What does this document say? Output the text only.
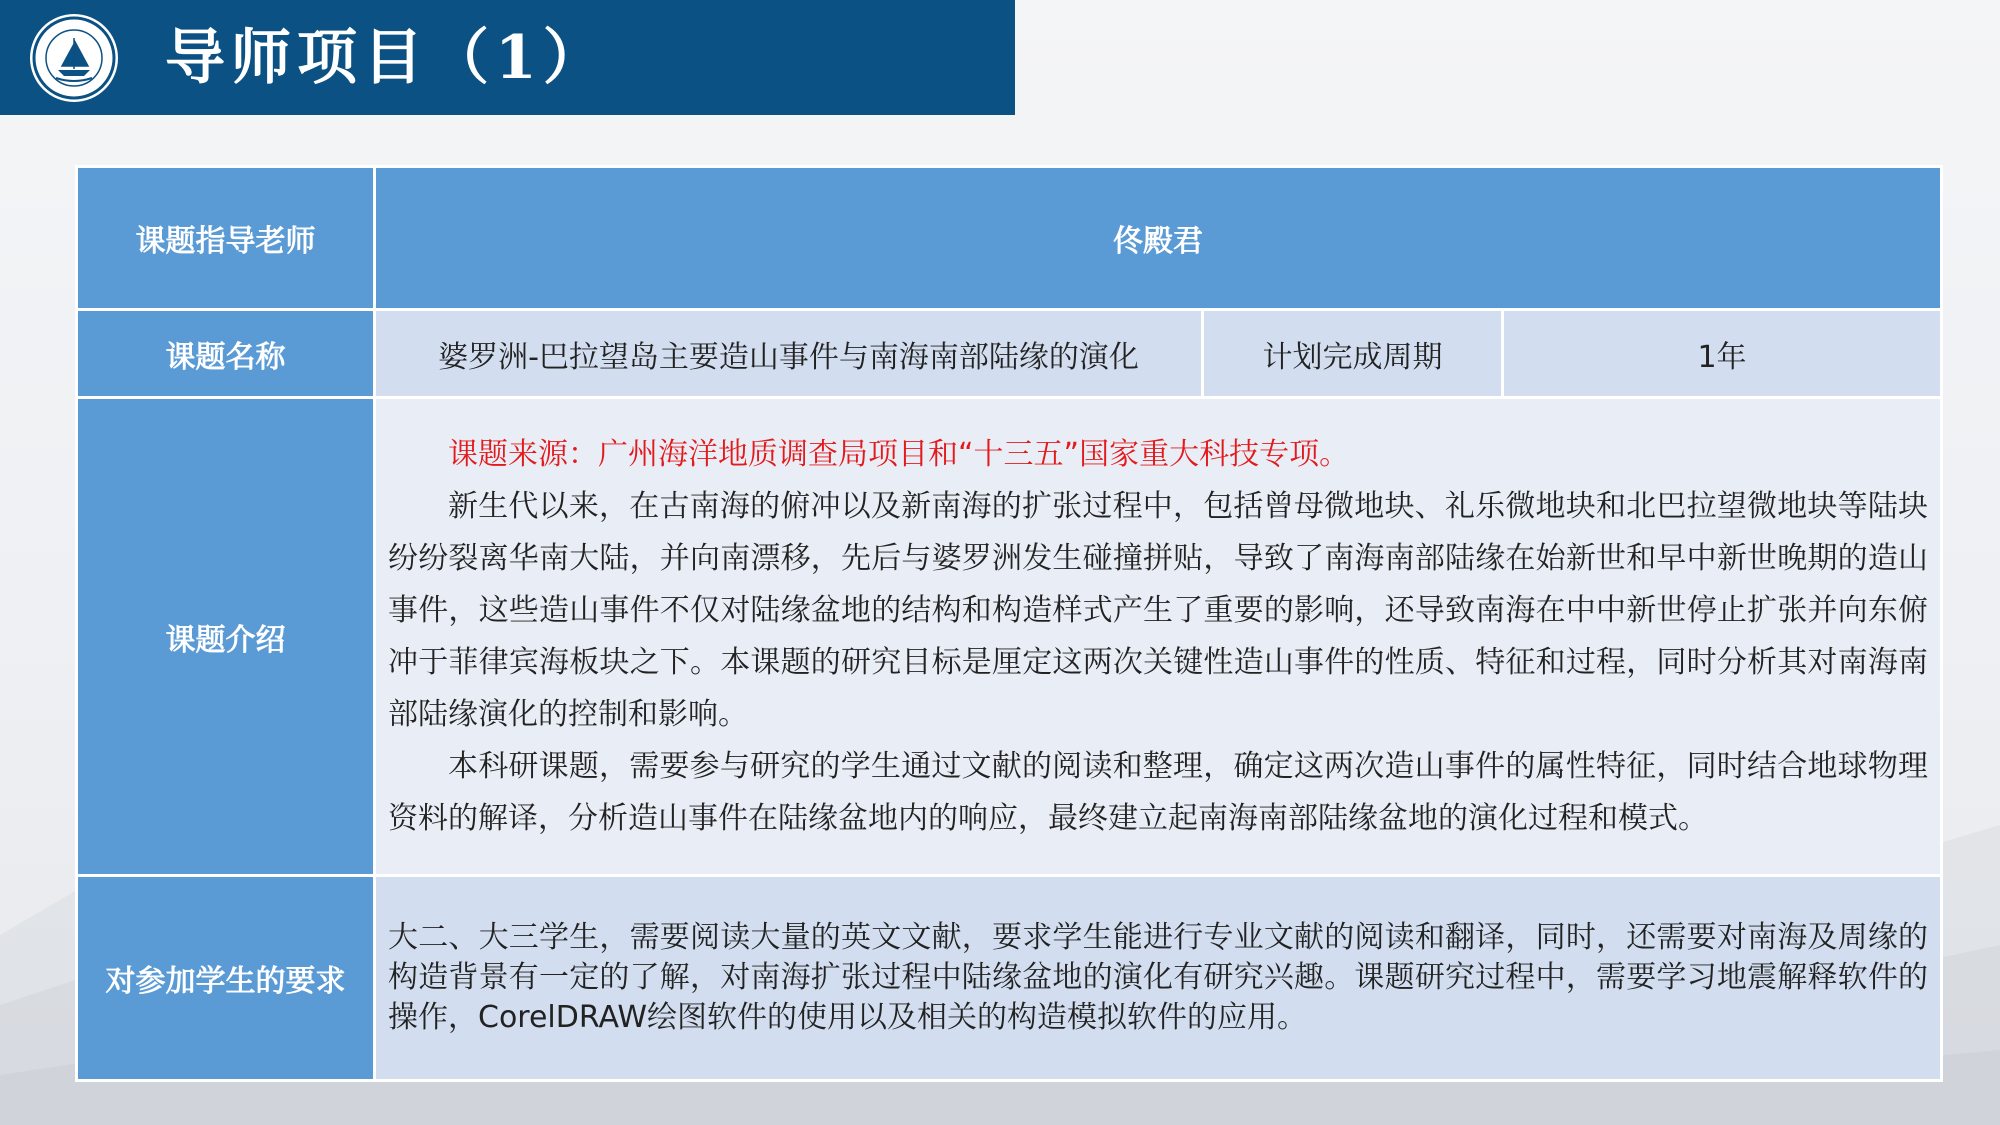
导师项目（1）
课题指导老师	佟殿君		
课题名称	婆罗洲-巴拉望岛主要造山事件与南海南部陆缘的演化	计划完成周期	1年
课题介绍	课题来源：广州海洋地质调查局项目和“十三五”国家重大科技专项。

新生代以来，在古南海的俯冲以及新南海的扩张过程中，包括曾母微地块、礼乐微地块和北巴拉望微地块等陆块纷纷裂离华南大陆，并向南漂移，先后与婆罗洲发生碰撞拼贴，导致了南海南部陆缘在始新世和早中新世晚期的造山事件，这些造山事件不仅对陆缘盆地的结构和构造样式产生了重要的影响，还导致南海在中中新世停止扩张并向东俯冲于菲律宾海板块之下。本课题的研究目标是厘定这两次关键性造山事件的性质、特征和过程，同时分析其对南海南部陆缘演化的控制和影响。

本科研课题，需要参与研究的学生通过文献的阅读和整理，确定这两次造山事件的属性特征，同时结合地球物理资料的解译，分析造山事件在陆缘盆地内的响应，最终建立起南海南部陆缘盆地的演化过程和模式。		

对参加学生的要求	大二、大三学生，需要阅读大量的英文文献，要求学生能进行专业文献的阅读和翻译，同时，还需要对南海及周缘的构造背景有一定的了解，对南海扩张过程中陆缘盆地的演化有研究兴趣。课题研究过程中，需要学习地震解释软件的操作，CorelDRAW绘图软件的使用以及相关的构造模拟软件的应用。		
